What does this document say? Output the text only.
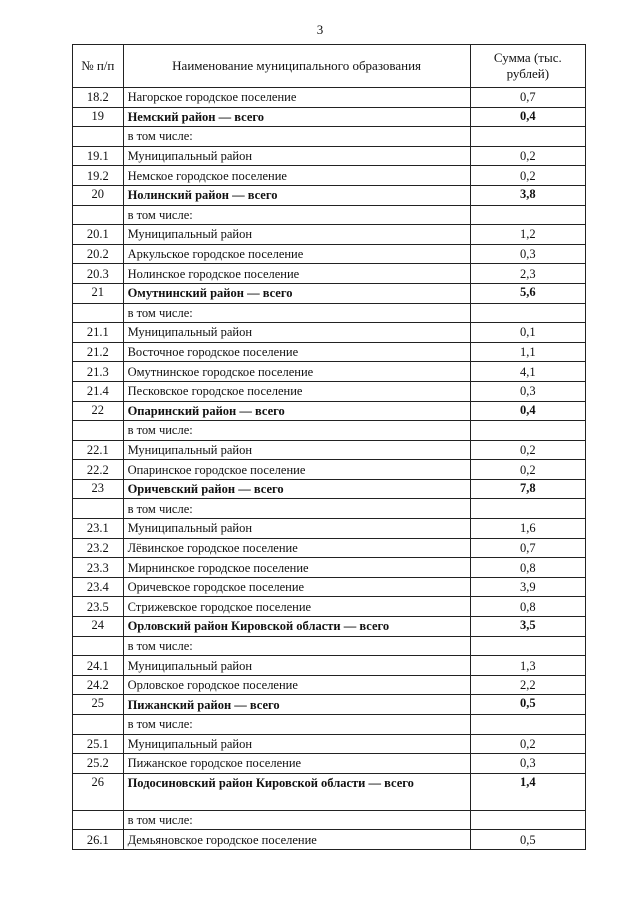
3
№ п/п	Наименование муниципального образования	Сумма (тыс. рублей)
18.2	Нагорское городское поселение	0,7
19	Немский район — всего	0,4
	в том числе:	
19.1	Муниципальный район	0,2
19.2	Немское городское поселение	0,2
20	Нолинский район — всего	3,8
	в том числе:	
20.1	Муниципальный район	1,2
20.2	Аркульское городское поселение	0,3
20.3	Нолинское городское поселение	2,3
21	Омутнинский район — всего	5,6
	в том числе:	
21.1	Муниципальный район	0,1
21.2	Восточное городское поселение	1,1
21.3	Омутнинское городское поселение	4,1
21.4	Песковское городское поселение	0,3
22	Опаринский район — всего	0,4
	в том числе:	
22.1	Муниципальный район	0,2
22.2	Опаринское городское поселение	0,2
23	Оричевский район — всего	7,8
	в том числе:	
23.1	Муниципальный район	1,6
23.2	Лёвинское городское поселение	0,7
23.3	Мирнинское городское поселение	0,8
23.4	Оричевское городское поселение	3,9
23.5	Стрижевское городское поселение	0,8
24	Орловский район Кировской области — всего	3,5
	в том числе:	
24.1	Муниципальный район	1,3
24.2	Орловское городское поселение	2,2
25	Пижанский район — всего	0,5
	в том числе:	
25.1	Муниципальный район	0,2
25.2	Пижанское городское поселение	0,3
26	Подосиновский район Кировской области — всего	1,4
	в том числе:	
26.1	Демьяновское городское поселение	0,5
